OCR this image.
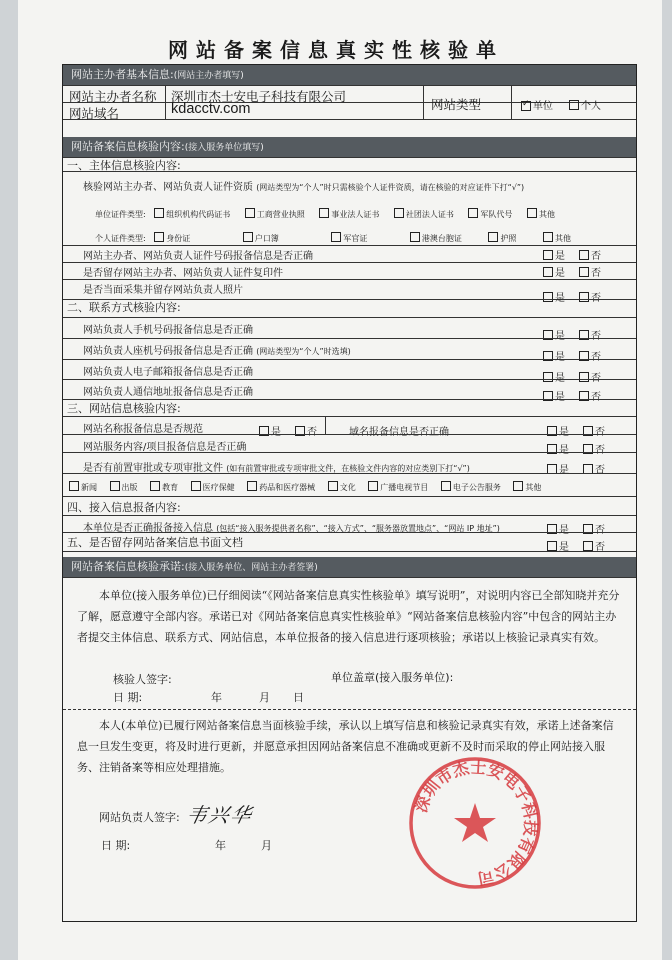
网站备案信息真实性核验单
网站主办者基本信息:(网站主办者填写)
网站主办者名称 深圳市杰士安电子科技有限公司
网站类型
✓	单位	个人
网站域名	kdacctv.com
网站备案信息核验内容:(接入服务单位填写)
一、主体信息核验内容:
核验网站主办者、网站负责人证件资质 (网站类型为“个人”时只需核验个人证件资质，请在核验的对应证件下打“√”)
单位证件类型:	组织机构代码证书	工商营业执照	事业法人证书	社团法人证书	军队代号	其他
个人证件类型:	身份证	户口簿	军官证	港澳台胞证	护照	其他
网站主办者、网站负责人证件号码报备信息是否正确	是	否
是否留存网站主办者、网站负责人证件复印件	是	否
是否当面采集并留存网站负责人照片
是	否
二、联系方式核验内容:
网站负责人手机号码报备信息是否正确
是	否
网站负责人座机号码报备信息是否正确 (网站类型为“个人”时选填)
是	否
网站负责人电子邮箱报备信息是否正确
是	否
网站负责人通信地址报备信息是否正确	是	否
三、网站信息核验内容:
网站名称报备信息是否规范	是	否	域名报备信息是否正确	是	否
网站服务内容/项目报备信息是否正确	是	否
是否有前置审批或专项审批文件 (如有前置审批或专项审批文件，在核验文件内容的对应类别下打“√”)	是	否
新闻	出版	教育	医疗保健	药品和医疗器械	文化	广播电视节目	电子公告服务	其他
四、接入信息报备内容:
本单位是否正确报备接入信息 (包括“接入服务提供者名称”、“接入方式”、“服务器放置地点”、“网站 IP 地址”)	是	否
五、是否留存网站备案信息书面文档	是	否
网站备案信息核验承诺:(接入服务单位、网站主办者签署)
本单位(接入服务单位)已仔细阅读“《网站备案信息真实性核验单》填写说明”，对说明内容已全部知晓并充分了解，愿意遵守全部内容。承诺已对《网站备案信息真实性核验单》“网站备案信息核验内容”中包含的网站主办者提交主体信息、联系方式、网站信息，本单位报备的接入信息进行逐项核验；承诺以上核验记录真实有效。
核验人签字:	单位盖章(接入服务单位):
日 期:	年	月 日
本人(本单位)已履行网站备案信息当面核验手续，承认以上填写信息和核验记录真实有效，承诺上述备案信息一旦发生变更，将及时进行更新，并愿意承担因网站备案信息不准确或更新不及时而采取的停止网站接入服务、注销备案等相应处理措施。
网站负责人签字: 韦兴华
日 期:	年	月
深圳市杰士安电子科技有限公司
